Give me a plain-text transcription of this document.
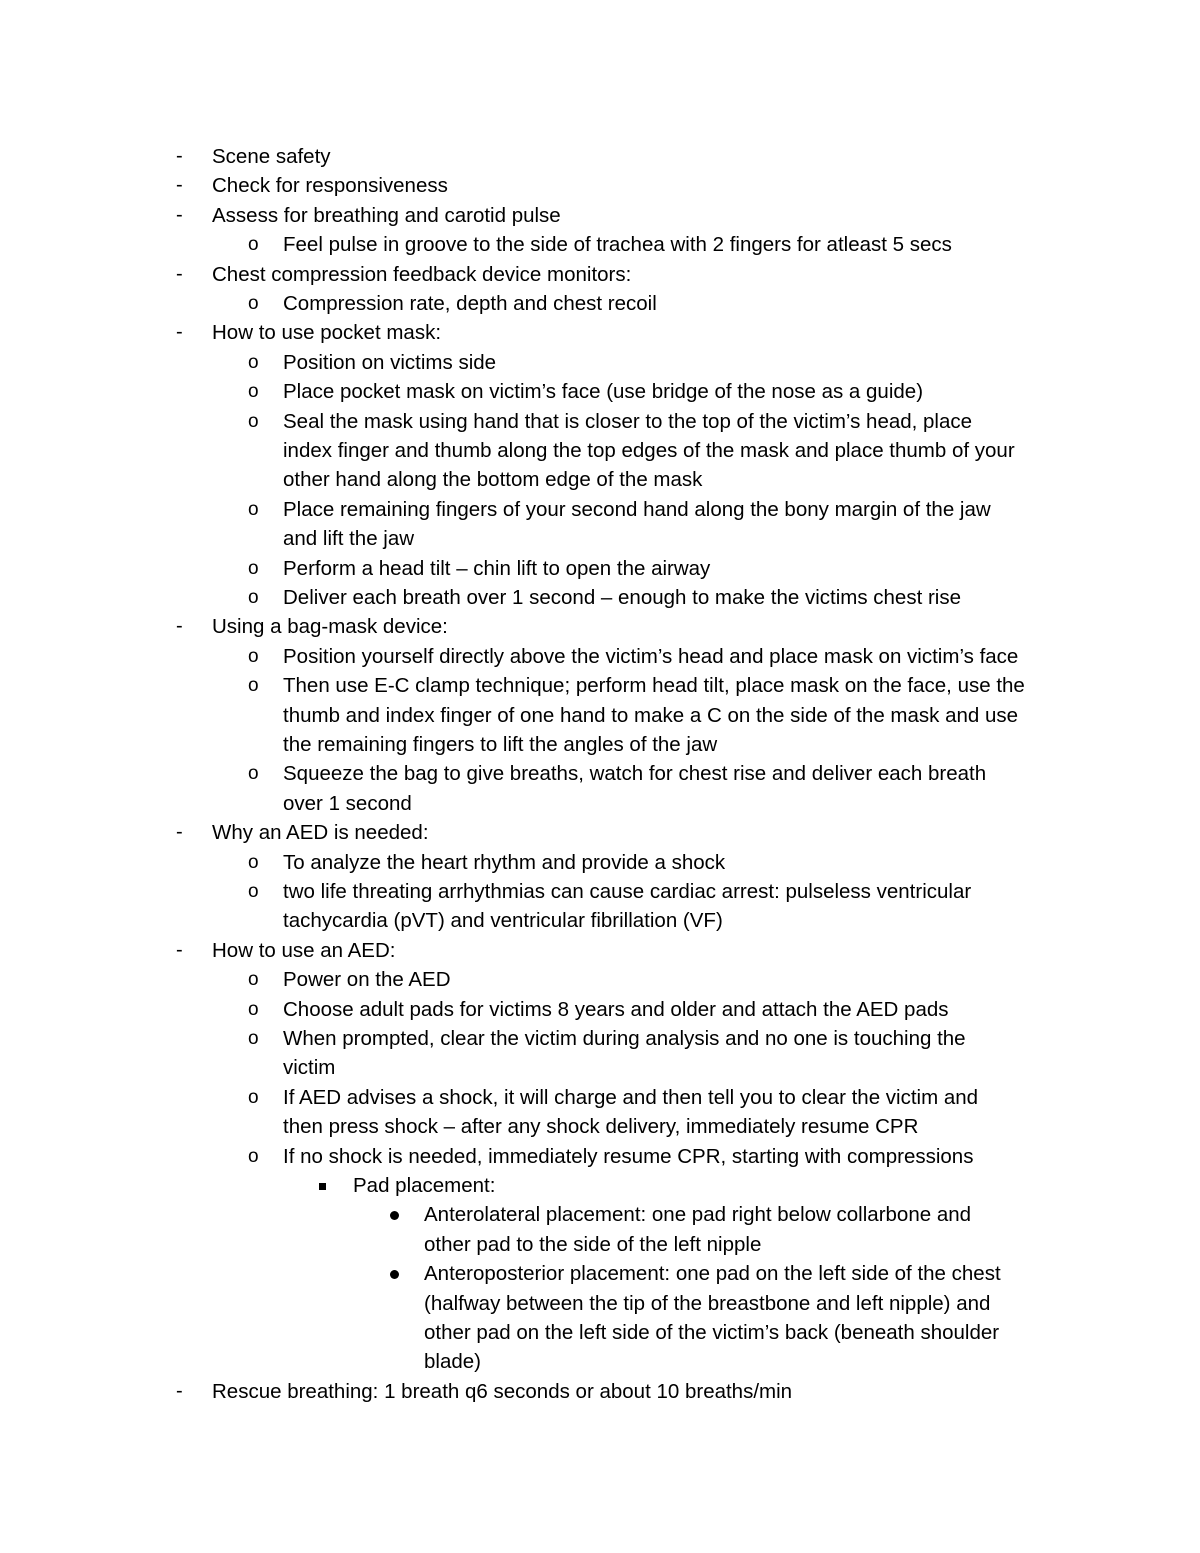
- Scene safety
- Check for responsiveness
- Assess for breathing and carotid pulse
o Feel pulse in groove to the side of trachea with 2 fingers for atleast 5 secs
- Chest compression feedback device monitors:
o Compression rate, depth and chest recoil
- How to use pocket mask:
o Position on victims side
o Place pocket mask on victim’s face (use bridge of the nose as a guide)
o Seal the mask using hand that is closer to the top of the victim’s head, place
index finger and thumb along the top edges of the mask and place thumb of your
other hand along the bottom edge of the mask
o Place remaining fingers of your second hand along the bony margin of the jaw
and lift the jaw
o Perform a head tilt – chin lift to open the airway
o Deliver each breath over 1 second – enough to make the victims chest rise
- Using a bag-mask device:
o Position yourself directly above the victim’s head and place mask on victim’s face
o Then use E-C clamp technique; perform head tilt, place mask on the face, use the
thumb and index finger of one hand to make a C on the side of the mask and use
the remaining fingers to lift the angles of the jaw
o Squeeze the bag to give breaths, watch for chest rise and deliver each breath
over 1 second
- Why an AED is needed:
o To analyze the heart rhythm and provide a shock
o two life threating arrhythmias can cause cardiac arrest: pulseless ventricular
tachycardia (pVT) and ventricular fibrillation (VF)
- How to use an AED:
o Power on the AED
o Choose adult pads for victims 8 years and older and attach the AED pads
o When prompted, clear the victim during analysis and no one is touching the
victim
o If AED advises a shock, it will charge and then tell you to clear the victim and
then press shock – after any shock delivery, immediately resume CPR
o If no shock is needed, immediately resume CPR, starting with compressions
Pad placement:
Anterolateral placement: one pad right below collarbone and
other pad to the side of the left nipple
Anteroposterior placement: one pad on the left side of the chest
(halfway between the tip of the breastbone and left nipple) and
other pad on the left side of the victim’s back (beneath shoulder
blade)
- Rescue breathing: 1 breath q6 seconds or about 10 breaths/min
